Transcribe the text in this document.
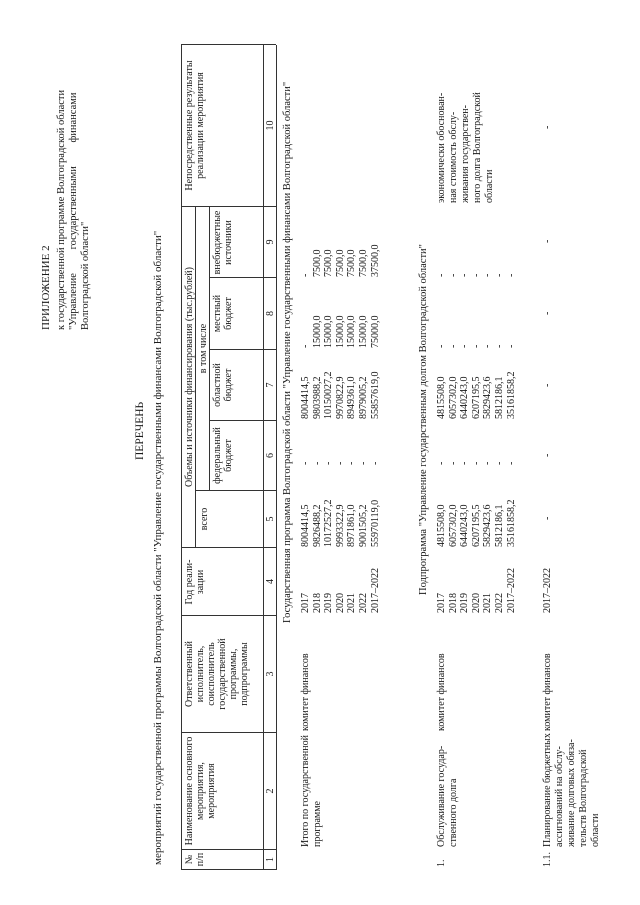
ПРИЛОЖЕНИЕ 2 к государственной программе Волгоградской области "Управление         государственными         финансами Волгоградской области"
ПЕРЕЧЕНЬ мероприятий государственной программы Волгоградской области "Управление государственными финансами Волгоградской области" № п/п
Наименование основного мероприятия, мероприятия
Ответственный исполнитель, соисполнитель государственной программы, подпрограммы
Год реали-зации
Объемы и источники финансирования (тыс.рублей)
всего
в том числе
федеральный бюджет
областной бюджет
местный бюджет
внебюджетные источники
Непосредственные результаты реализации мероприятия
1
2
3
4
5
6
7
8
9
10 Государственная программа Волгоградской области "Управление государственными финансами Волгоградской области"
Итого по государственной программе
комитет финансов
2017
8004414,5
-
8004414,5
-
-
2018
9826488,2
-
9803988,2
15000,0
7500,0
2019
10172527,2
-
10150027,2
15000,0
7500,0
2020
9993322,9
-
9970822,9
15000,0
7500,0
2021
8971861,0
-
8949361,0
15000,0
7500,0
2022
9001505,2
-
8979005,2
15000,0
7500,0
2017–2022
55970119,0
-
55857619,0
75000,0
37500,0	Подпрограмма "Управление государственным долгом Волгоградской области"
1.
Обслуживание государ- ственного долга
комитет финансов
2017
4815508,0
-
4815508,0
-
-
2018
6057302,0
-
6057302,0
-
-
2019
6440243,0
-
6440243,0
-
-
2020
6207195,5
-
6207195,5
-
-
2021
5829423,6
-
5829423,6
-
-
2022
5812186,1
-
5812186,1
-
-
2017–2022
35161858,2
-
35161858,2
-
-
экономически обоснован- ная стоимость обслу- живания государствен- ного долга Волгоградской области
1.1.
Планирование бюджетных ассигнований на обслу- живание долговых обяза- тельств Волгоградской области
комитет финансов
2017–2022
-
-
-
-
-
-
